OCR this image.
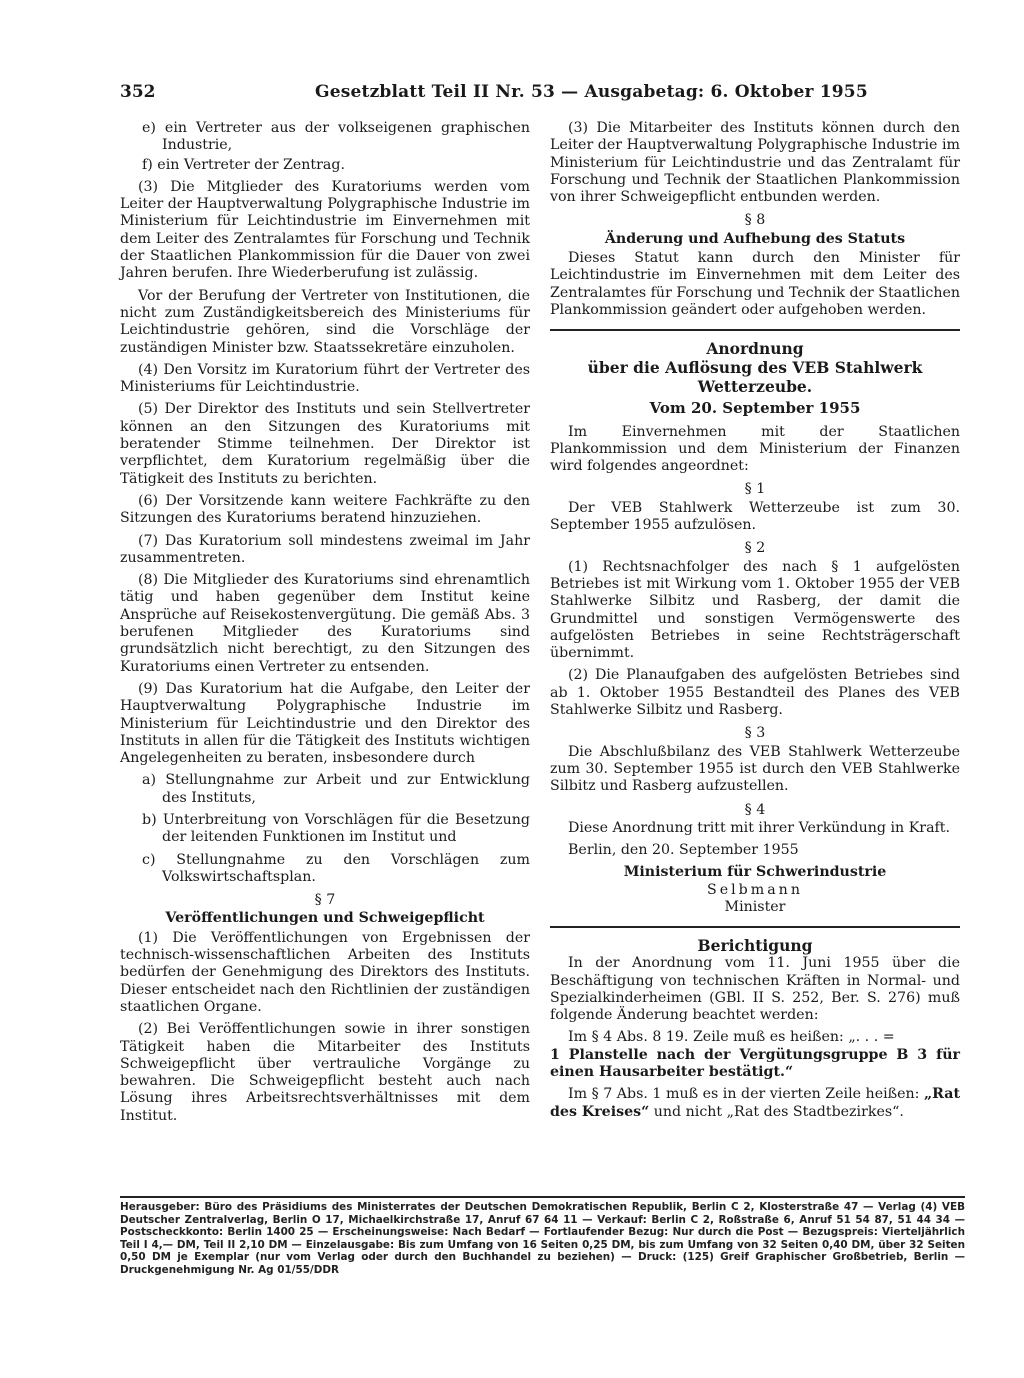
352	Gesetzblatt Teil II Nr. 53 — Ausgabetag: 6. Oktober 1955
e) ein Vertreter aus der volkseigenen graphischen Industrie,
f) ein Vertreter der Zentrag.

(3) Die Mitglieder des Kuratoriums werden vom Leiter der Hauptverwaltung Polygraphische Industrie im Ministerium für Leichtindustrie im Einvernehmen mit dem Leiter des Zentralamtes für Forschung und Technik der Staatlichen Plankommission für die Dauer von zwei Jahren berufen. Ihre Wiederberufung ist zulässig.

Vor der Berufung der Vertreter von Institutionen, die nicht zum Zuständigkeitsbereich des Ministeriums für Leichtindustrie gehören, sind die Vorschläge der zuständigen Minister bzw. Staatssekretäre einzuholen.

(4) Den Vorsitz im Kuratorium führt der Vertreter des Ministeriums für Leichtindustrie.

(5) Der Direktor des Instituts und sein Stellvertreter können an den Sitzungen des Kuratoriums mit beratender Stimme teilnehmen. Der Direktor ist verpflichtet, dem Kuratorium regelmäßig über die Tätigkeit des Instituts zu berichten.

(6) Der Vorsitzende kann weitere Fachkräfte zu den Sitzungen des Kuratoriums beratend hinzuziehen.

(7) Das Kuratorium soll mindestens zweimal im Jahr zusammentreten.

(8) Die Mitglieder des Kuratoriums sind ehrenamtlich tätig und haben gegenüber dem Institut keine Ansprüche auf Reisekostenvergütung. Die gemäß Abs. 3 berufenen Mitglieder des Kuratoriums sind grundsätzlich nicht berechtigt, zu den Sitzungen des Kuratoriums einen Vertreter zu entsenden.

(9) Das Kuratorium hat die Aufgabe, den Leiter der Hauptverwaltung Polygraphische Industrie im Ministerium für Leichtindustrie und den Direktor des Instituts in allen für die Tätigkeit des Instituts wichtigen Angelegenheiten zu beraten, insbesondere durch

a) Stellungnahme zur Arbeit und zur Entwicklung des Instituts,
b) Unterbreitung von Vorschlägen für die Besetzung der leitenden Funktionen im Institut und
c) Stellungnahme zu den Vorschlägen zum Volkswirtschaftsplan.
§ 7
Veröffentlichungen und Schweigepflicht

(1) Die Veröffentlichungen von Ergebnissen der technisch-wissenschaftlichen Arbeiten des Instituts bedürfen der Genehmigung des Direktors des Instituts. Dieser entscheidet nach den Richtlinien der zuständigen staatlichen Organe.

(2) Bei Veröffentlichungen sowie in ihrer sonstigen Tätigkeit haben die Mitarbeiter des Instituts Schweigepflicht über vertrauliche Vorgänge zu bewahren. Die Schweigepflicht besteht auch nach Lösung ihres Arbeitsrechtsverhältnisses mit dem Institut.

(3) Die Mitarbeiter des Instituts können durch den Leiter der Hauptverwaltung Polygraphische Industrie im Ministerium für Leichtindustrie und das Zentralamt für Forschung und Technik der Staatlichen Plankommission von ihrer Schweigepflicht entbunden werden.

§ 8
Änderung und Aufhebung des Statuts

Dieses Statut kann durch den Minister für Leichtindustrie im Einvernehmen mit dem Leiter des Zentralamtes für Forschung und Technik der Staatlichen Plankommission geändert oder aufgehoben werden.

Anordnung
über die Auflösung des VEB Stahlwerk
Wetterzeube.
Vom 20. September 1955

Im Einvernehmen mit der Staatlichen Plankommission und dem Ministerium der Finanzen wird folgendes angeordnet:

§ 1

Der VEB Stahlwerk Wetterzeube ist zum 30. September 1955 aufzulösen.

§ 2

(1) Rechtsnachfolger des nach § 1 aufgelösten Betriebes ist mit Wirkung vom 1. Oktober 1955 der VEB Stahlwerke Silbitz und Rasberg, der damit die Grundmittel und sonstigen Vermögenswerte des aufgelösten Betriebes in seine Rechtsträgerschaft übernimmt.

(2) Die Planaufgaben des aufgelösten Betriebes sind ab 1. Oktober 1955 Bestandteil des Planes des VEB Stahlwerke Silbitz und Rasberg.

§ 3

Die Abschlußbilanz des VEB Stahlwerk Wetterzeube zum 30. September 1955 ist durch den VEB Stahlwerke Silbitz und Rasberg aufzustellen.

§ 4

Diese Anordnung tritt mit ihrer Verkündung in Kraft.

Berlin, den 20. September 1955

Ministerium für Schwerindustrie
Selbmann
Minister
Berichtigung

In der Anordnung vom 11. Juni 1955 über die Beschäftigung von technischen Kräften in Normal- und Spezialkinderheimen (GBl. II S. 252, Ber. S. 276) muß folgende Änderung beachtet werden:

Im § 4 Abs. 8 19. Zeile muß es heißen: „. . . =
1 Planstelle nach der Vergütungsgruppe B 3 für einen Hausarbeiter bestätigt.“

Im § 7 Abs. 1 muß es in der vierten Zeile heißen: „Rat des Kreises“ und nicht „Rat des Stadtbezirkes“.

Herausgeber: Büro des Präsidiums des Ministerrates der Deutschen Demokratischen Republik, Berlin C 2, Klosterstraße 47 — Verlag (4) VEB Deutscher Zentralverlag, Berlin O 17, Michaelkirchstraße 17, Anruf 67 64 11 — Verkauf: Berlin C 2, Roßstraße 6, Anruf 51 54 87, 51 44 34 — Postscheckkonto: Berlin 1400 25 — Erscheinungsweise: Nach Bedarf — Fortlaufender Bezug: Nur durch die Post — Bezugspreis: Vierteljährlich Teil I 4,— DM, Teil II 2,10 DM — Einzelausgabe: Bis zum Umfang von 16 Seiten 0,25 DM, bis zum Umfang von 32 Seiten 0,40 DM, über 32 Seiten 0,50 DM je Exemplar (nur vom Verlag oder durch den Buchhandel zu beziehen) — Druck: (125) Greif Graphischer Großbetrieb, Berlin — Druckgenehmigung Nr. Ag 01/55/DDR
